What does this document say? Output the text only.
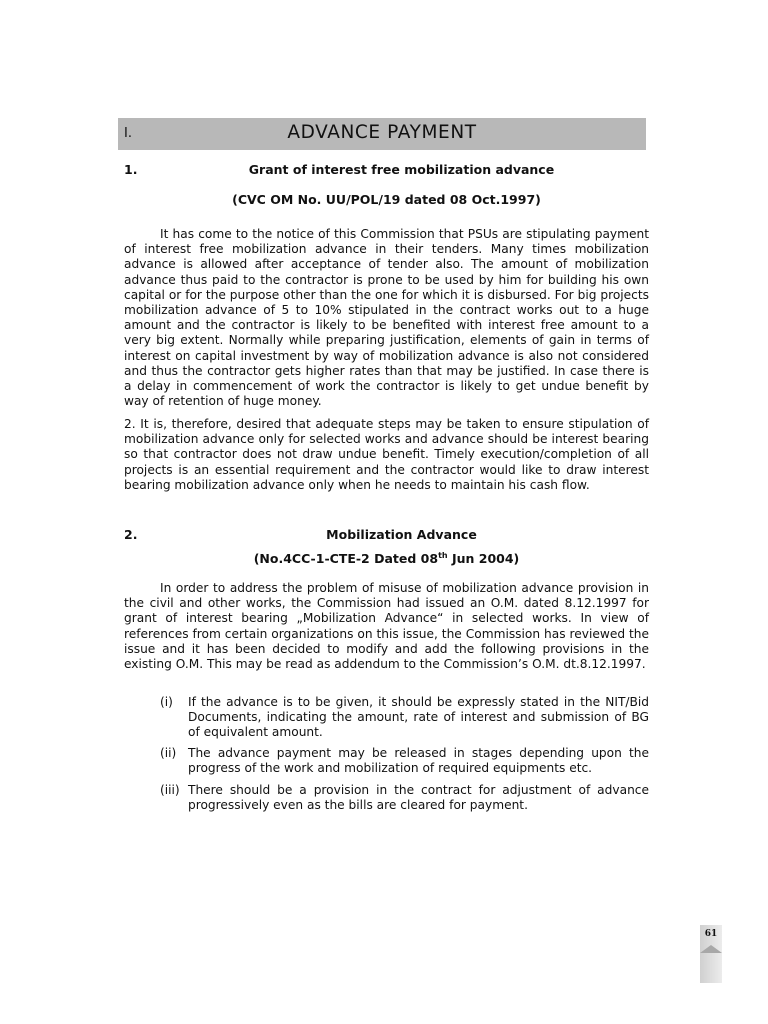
I.	ADVANCE PAYMENT
1.	Grant of interest free mobilization advance
(CVC OM No. UU/POL/19 dated 08 Oct.1997)

It has come to the notice of this Commission that PSUs are stipulating payment of interest free mobilization advance in their tenders. Many times mobilization advance is allowed after acceptance of tender also. The amount of mobilization advance thus paid to the contractor is prone to be used by him for building his own capital or for the purpose other than the one for which it is disbursed. For big projects mobilization advance of 5 to 10% stipulated in the contract works out to a huge amount and the contractor is likely to be benefited with interest free amount to a very big extent. Normally while preparing justification, elements of gain in terms of interest on capital investment by way of mobilization advance is also not considered and thus the contractor gets higher rates than that may be justified. In case there is a delay in commencement of work the contractor is likely to get undue benefit by way of retention of huge money.

2. It is, therefore, desired that adequate steps may be taken to ensure stipulation of mobilization advance only for selected works and advance should be interest bearing so that contractor does not draw undue benefit. Timely execution/completion of all projects is an essential requirement and the contractor would like to draw interest bearing mobilization advance only when he needs to maintain his cash flow.

2.	Mobilization Advance
(No.4CC-1-CTE-2 Dated 08th Jun 2004)

In order to address the problem of misuse of mobilization advance provision in the civil and other works, the Commission had issued an O.M. dated 8.12.1997 for grant of interest bearing „Mobilization Advance“ in selected works. In view of references from certain organizations on this issue, the Commission has reviewed the issue and it has been decided to modify and add the following provisions in the existing O.M. This may be read as addendum to the Commission’s O.M. dt.8.12.1997.

(i)	If the advance is to be given, it should be expressly stated in the NIT/Bid Documents, indicating the amount, rate of interest and submission of BG of equivalent amount.
(ii) The advance payment may be released in stages depending upon the progress of the work and mobilization of required equipments etc.
(iii) There should be a provision in the contract for adjustment of advance progressively even as the bills are cleared for payment.
61
